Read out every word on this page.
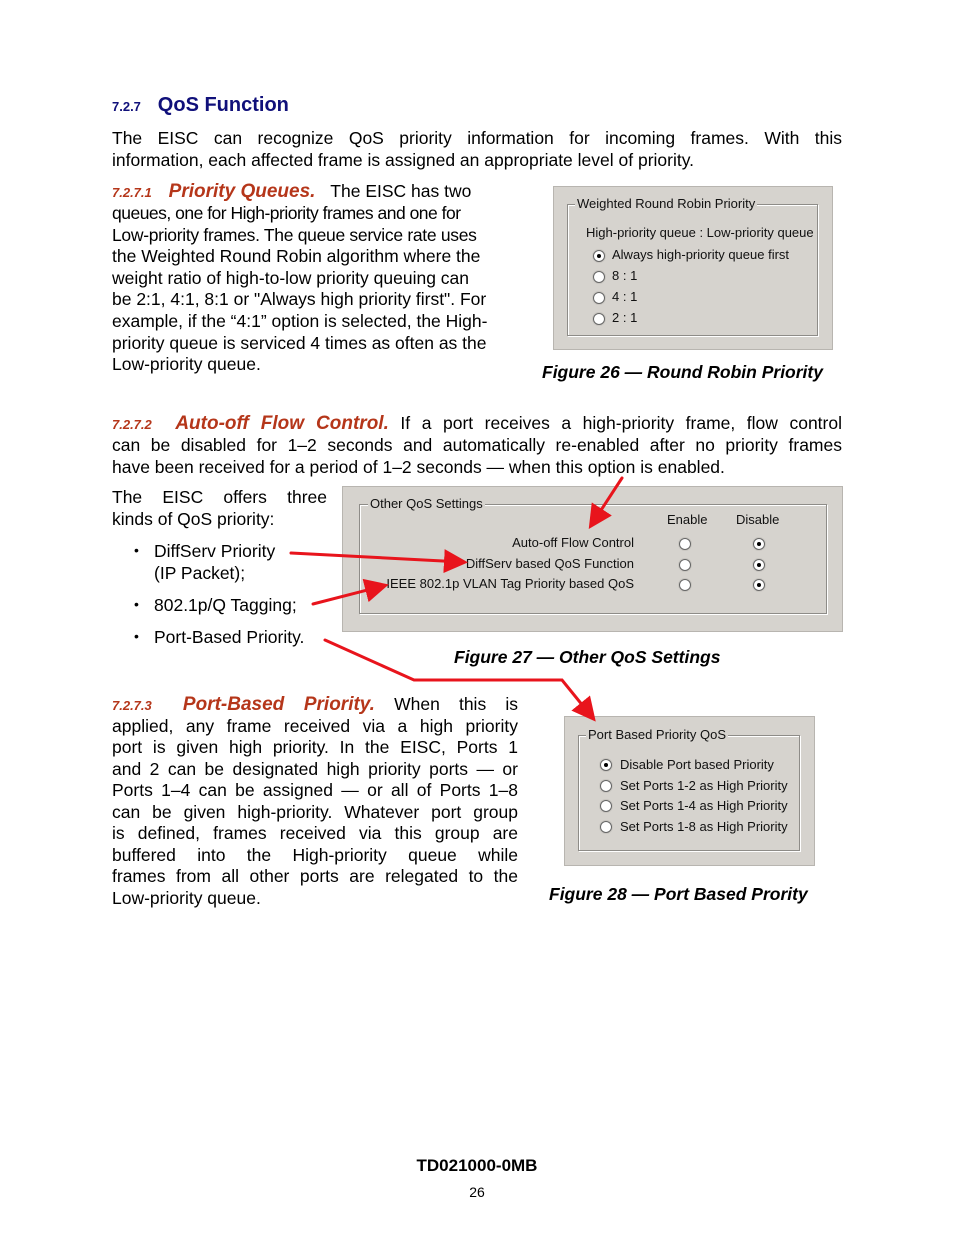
7.2.7 QoS Function
The EISC can recognize QoS priority information for incoming frames. With this
information, each affected frame is assigned an appropriate level of priority.
7.2.7.1 Priority Queues. The EISC has two
queues, one for High-priority frames and one for
Low-priority frames. The queue service rate uses
the Weighted Round Robin algorithm where the
weight ratio of high-to-low priority queuing can
be 2:1, 4:1, 8:1 or "Always high priority first". For
example, if the “4:1” option is selected, the High-
priority queue is serviced 4 times as often as the
Low-priority queue.
Weighted Round Robin Priority
High-priority queue : Low-priority queue
Always high-priority queue first
8 : 1
4 : 1
2 : 1
Figure 26 — Round Robin Priority
7.2.7.2 Auto-off Flow Control. If a port receives a high-priority frame, flow control
can be disabled for 1–2 seconds and automatically re-enabled after no priority frames
have been received for a period of 1–2 seconds — when this option is enabled.
The EISC offers three
kinds of QoS priority:
• DiffServ Priority
(IP Packet);
• 802.1p/Q Tagging;
• Port-Based Priority.
Other QoS Settings
Enable Disable
Auto-off Flow Control
DiffServ based QoS Function
IEEE 802.1p VLAN Tag Priority based QoS
Figure 27 — Other QoS Settings
7.2.7.3 Port-Based Priority. When this is
applied, any frame received via a high priority
port is given high priority. In the EISC, Ports 1
and 2 can be designated high priority ports — or
Ports 1–4 can be assigned — or all of Ports 1–8
can be given high-priority. Whatever port group
is defined, frames received via this group are
buffered into the High-priority queue while
frames from all other ports are relegated to the
Low-priority queue.
Port Based Priority QoS
Disable Port based Priority
Set Ports 1-2 as High Priority
Set Ports 1-4 as High Priority
Set Ports 1-8 as High Priority
Figure 28 — Port Based Prority
TD021000-0MB
26
